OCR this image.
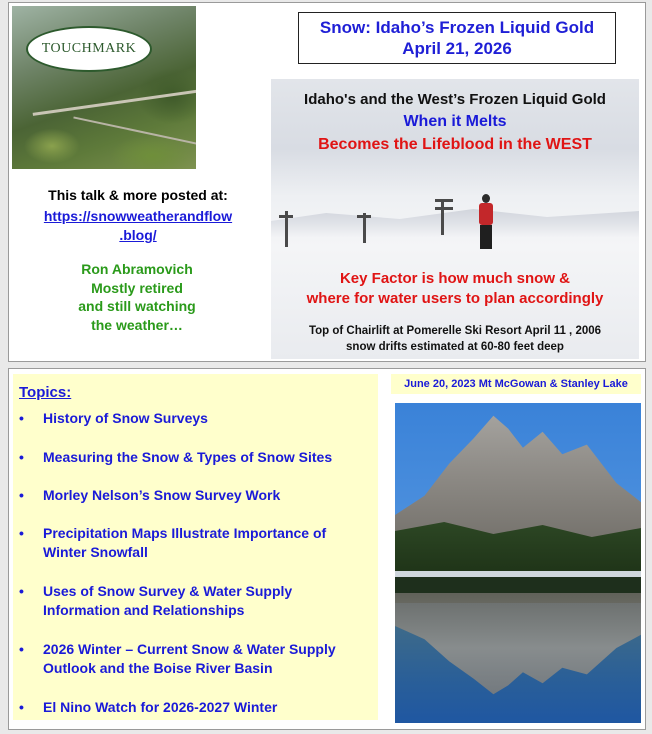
TOUCHMARK
Snow: Idaho’s Frozen Liquid Gold
April 21, 2026
This talk & more posted at:
https://snowweatherandflow
.blog/
Ron Abramovich
Mostly retired
and still watching
the weather…
Idaho's and the West’s Frozen Liquid Gold
When it Melts
Becomes the Lifeblood in the WEST
Key Factor is how much snow &
where for water users to plan accordingly
Top of Chairlift at Pomerelle Ski Resort April 11 , 2006
snow drifts estimated at 60-80 feet deep
Topics:
•	History of Snow Surveys
•	Measuring the Snow & Types of Snow Sites
•	Morley Nelson’s Snow Survey Work
•	Precipitation Maps Illustrate Importance of
Winter Snowfall
•	Uses of Snow Survey & Water Supply
Information and Relationships
•	2026 Winter – Current Snow & Water Supply
Outlook and the Boise River Basin
•	El Nino Watch for 2026-2027 Winter
June 20, 2023 Mt McGowan & Stanley Lake
